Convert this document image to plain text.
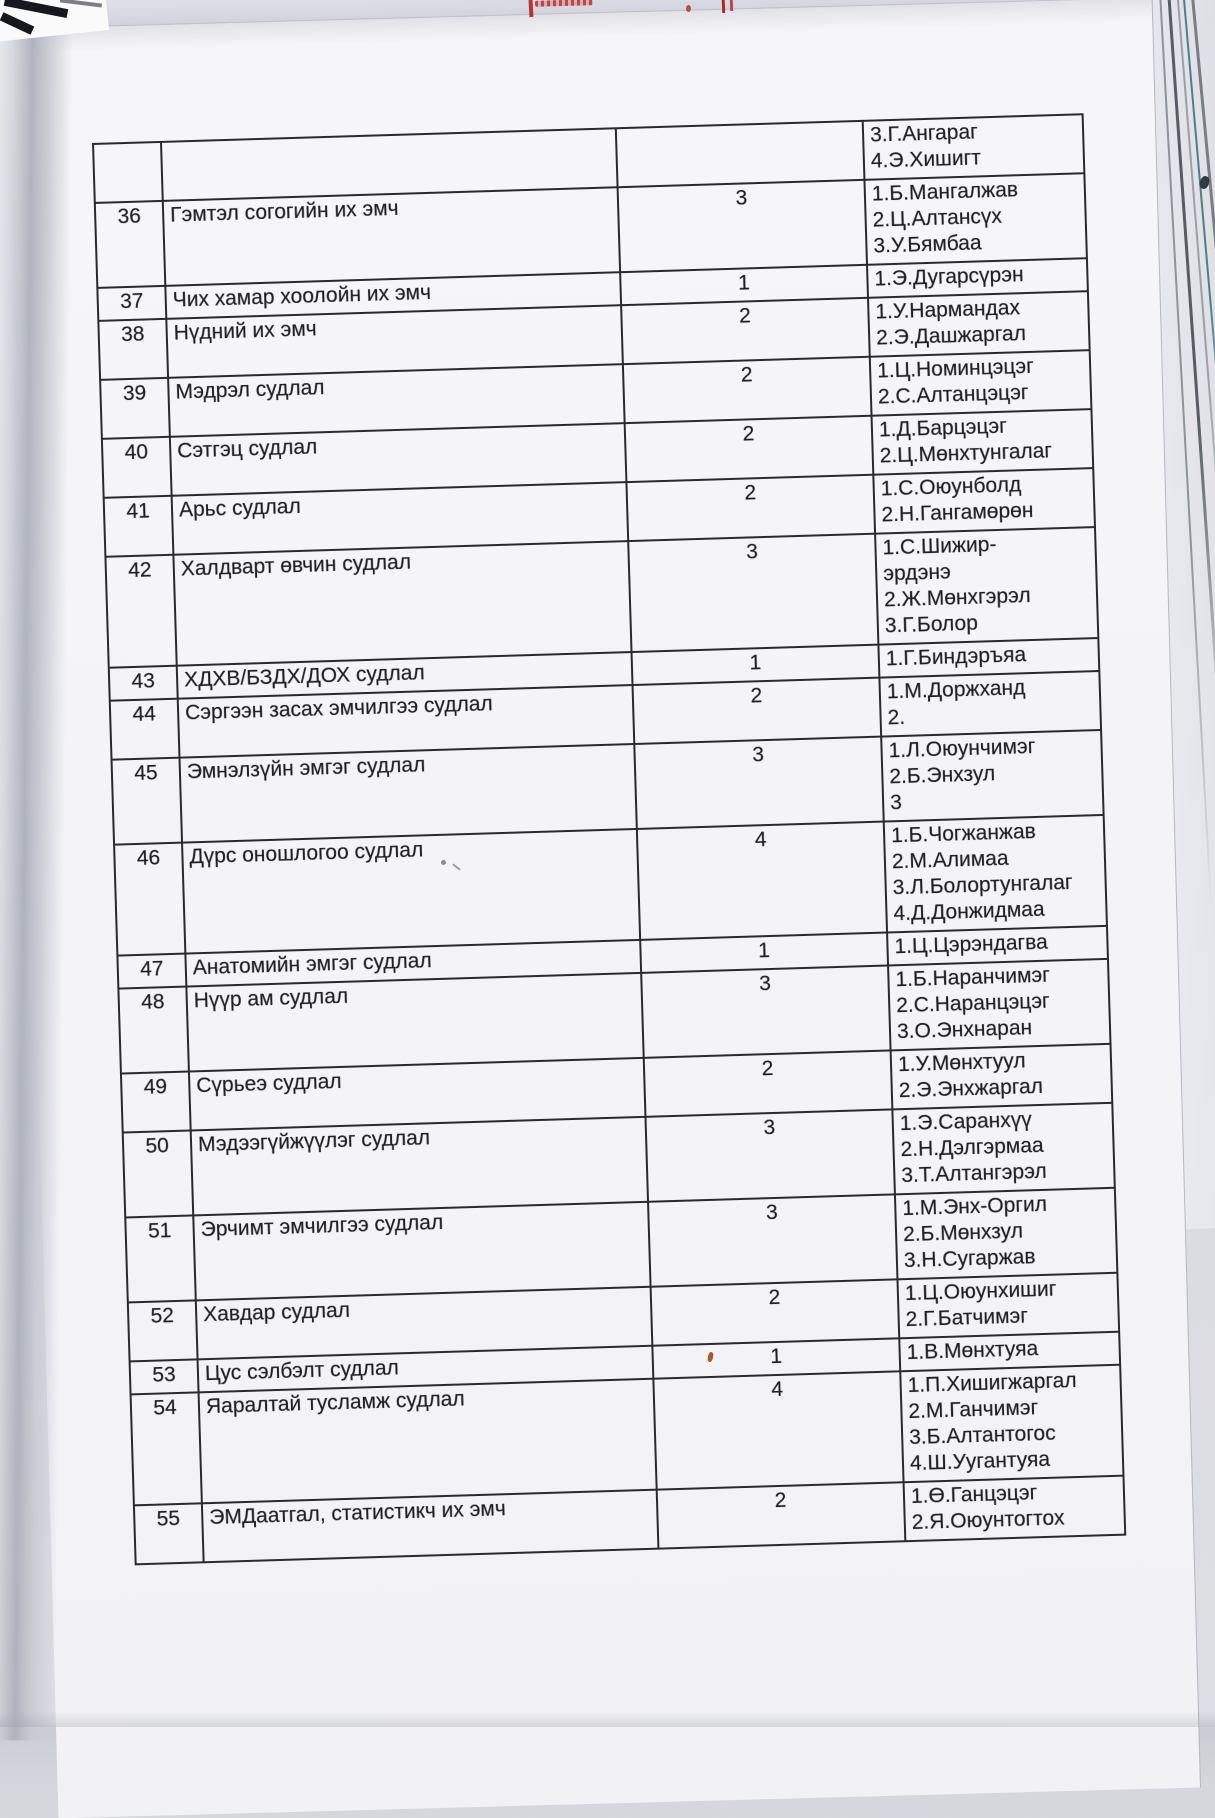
			3.Г.Ангараг
4.Э.Хишигт

36	Гэмтэл согогийн их эмч	3	1.Б.Мангалжав
2.Ц.Алтансүх
3.У.Бямбаа

37	Чих хамар хоолойн их эмч	1	1.Э.Дугарсүрэн

38	Нүдний их эмч	2	1.У.Нармандах
2.Э.Дашжаргал

39	Мэдрэл судлал	2	1.Ц.Номинцэцэг
2.С.Алтанцэцэг

40	Сэтгэц судлал	2	1.Д.Барцэцэг
2.Ц.Мөнхтунгалаг

41	Арьс судлал	2	1.С.Оюунболд
2.Н.Гангамөрөн

42	Халдварт өвчин судлал	3	1.С.Шижир-
эрдэнэ
2.Ж.Мөнхгэрэл
3.Г.Болор

43	ХДХВ/БЗДХ/ДОХ судлал	1	1.Г.Биндэръяа

44	Сэргээн засах эмчилгээ судлал	2	1.М.Доржханд
2.

45	Эмнэлзүйн эмгэг судлал	3	1.Л.Оюунчимэг
2.Б.Энхзул
3

46	Дүрс оношлогоо судлал	4	1.Б.Чогжанжав
2.М.Алимаа
3.Л.Болортунгалаг
4.Д.Донжидмаа

47	Анатомийн эмгэг судлал	1	1.Ц.Цэрэндагва

48	Нүүр ам судлал	3	1.Б.Наранчимэг
2.С.Наранцэцэг
3.О.Энхнаран

49	Сүрьеэ судлал	2	1.У.Мөнхтуул
2.Э.Энхжаргал

50	Мэдээгүйжүүлэг судлал	3	1.Э.Саранхүү
2.Н.Дэлгэрмаа
3.Т.Алтангэрэл

51	Эрчимт эмчилгээ судлал	3	1.М.Энх-Оргил
2.Б.Мөнхзул
3.Н.Сугаржав

52	Хавдар судлал	2	1.Ц.Оюунхишиг
2.Г.Батчимэг

53	Цус сэлбэлт судлал	1	1.В.Мөнхтуяа

54	Яаралтай тусламж судлал	4	1.П.Хишигжаргал
2.М.Ганчимэг
3.Б.Алтантогос
4.Ш.Уугантуяа

55	ЭМДаатгал, статистикч их эмч	2	1.Ө.Ганцэцэг
2.Я.Оюунтогтох
